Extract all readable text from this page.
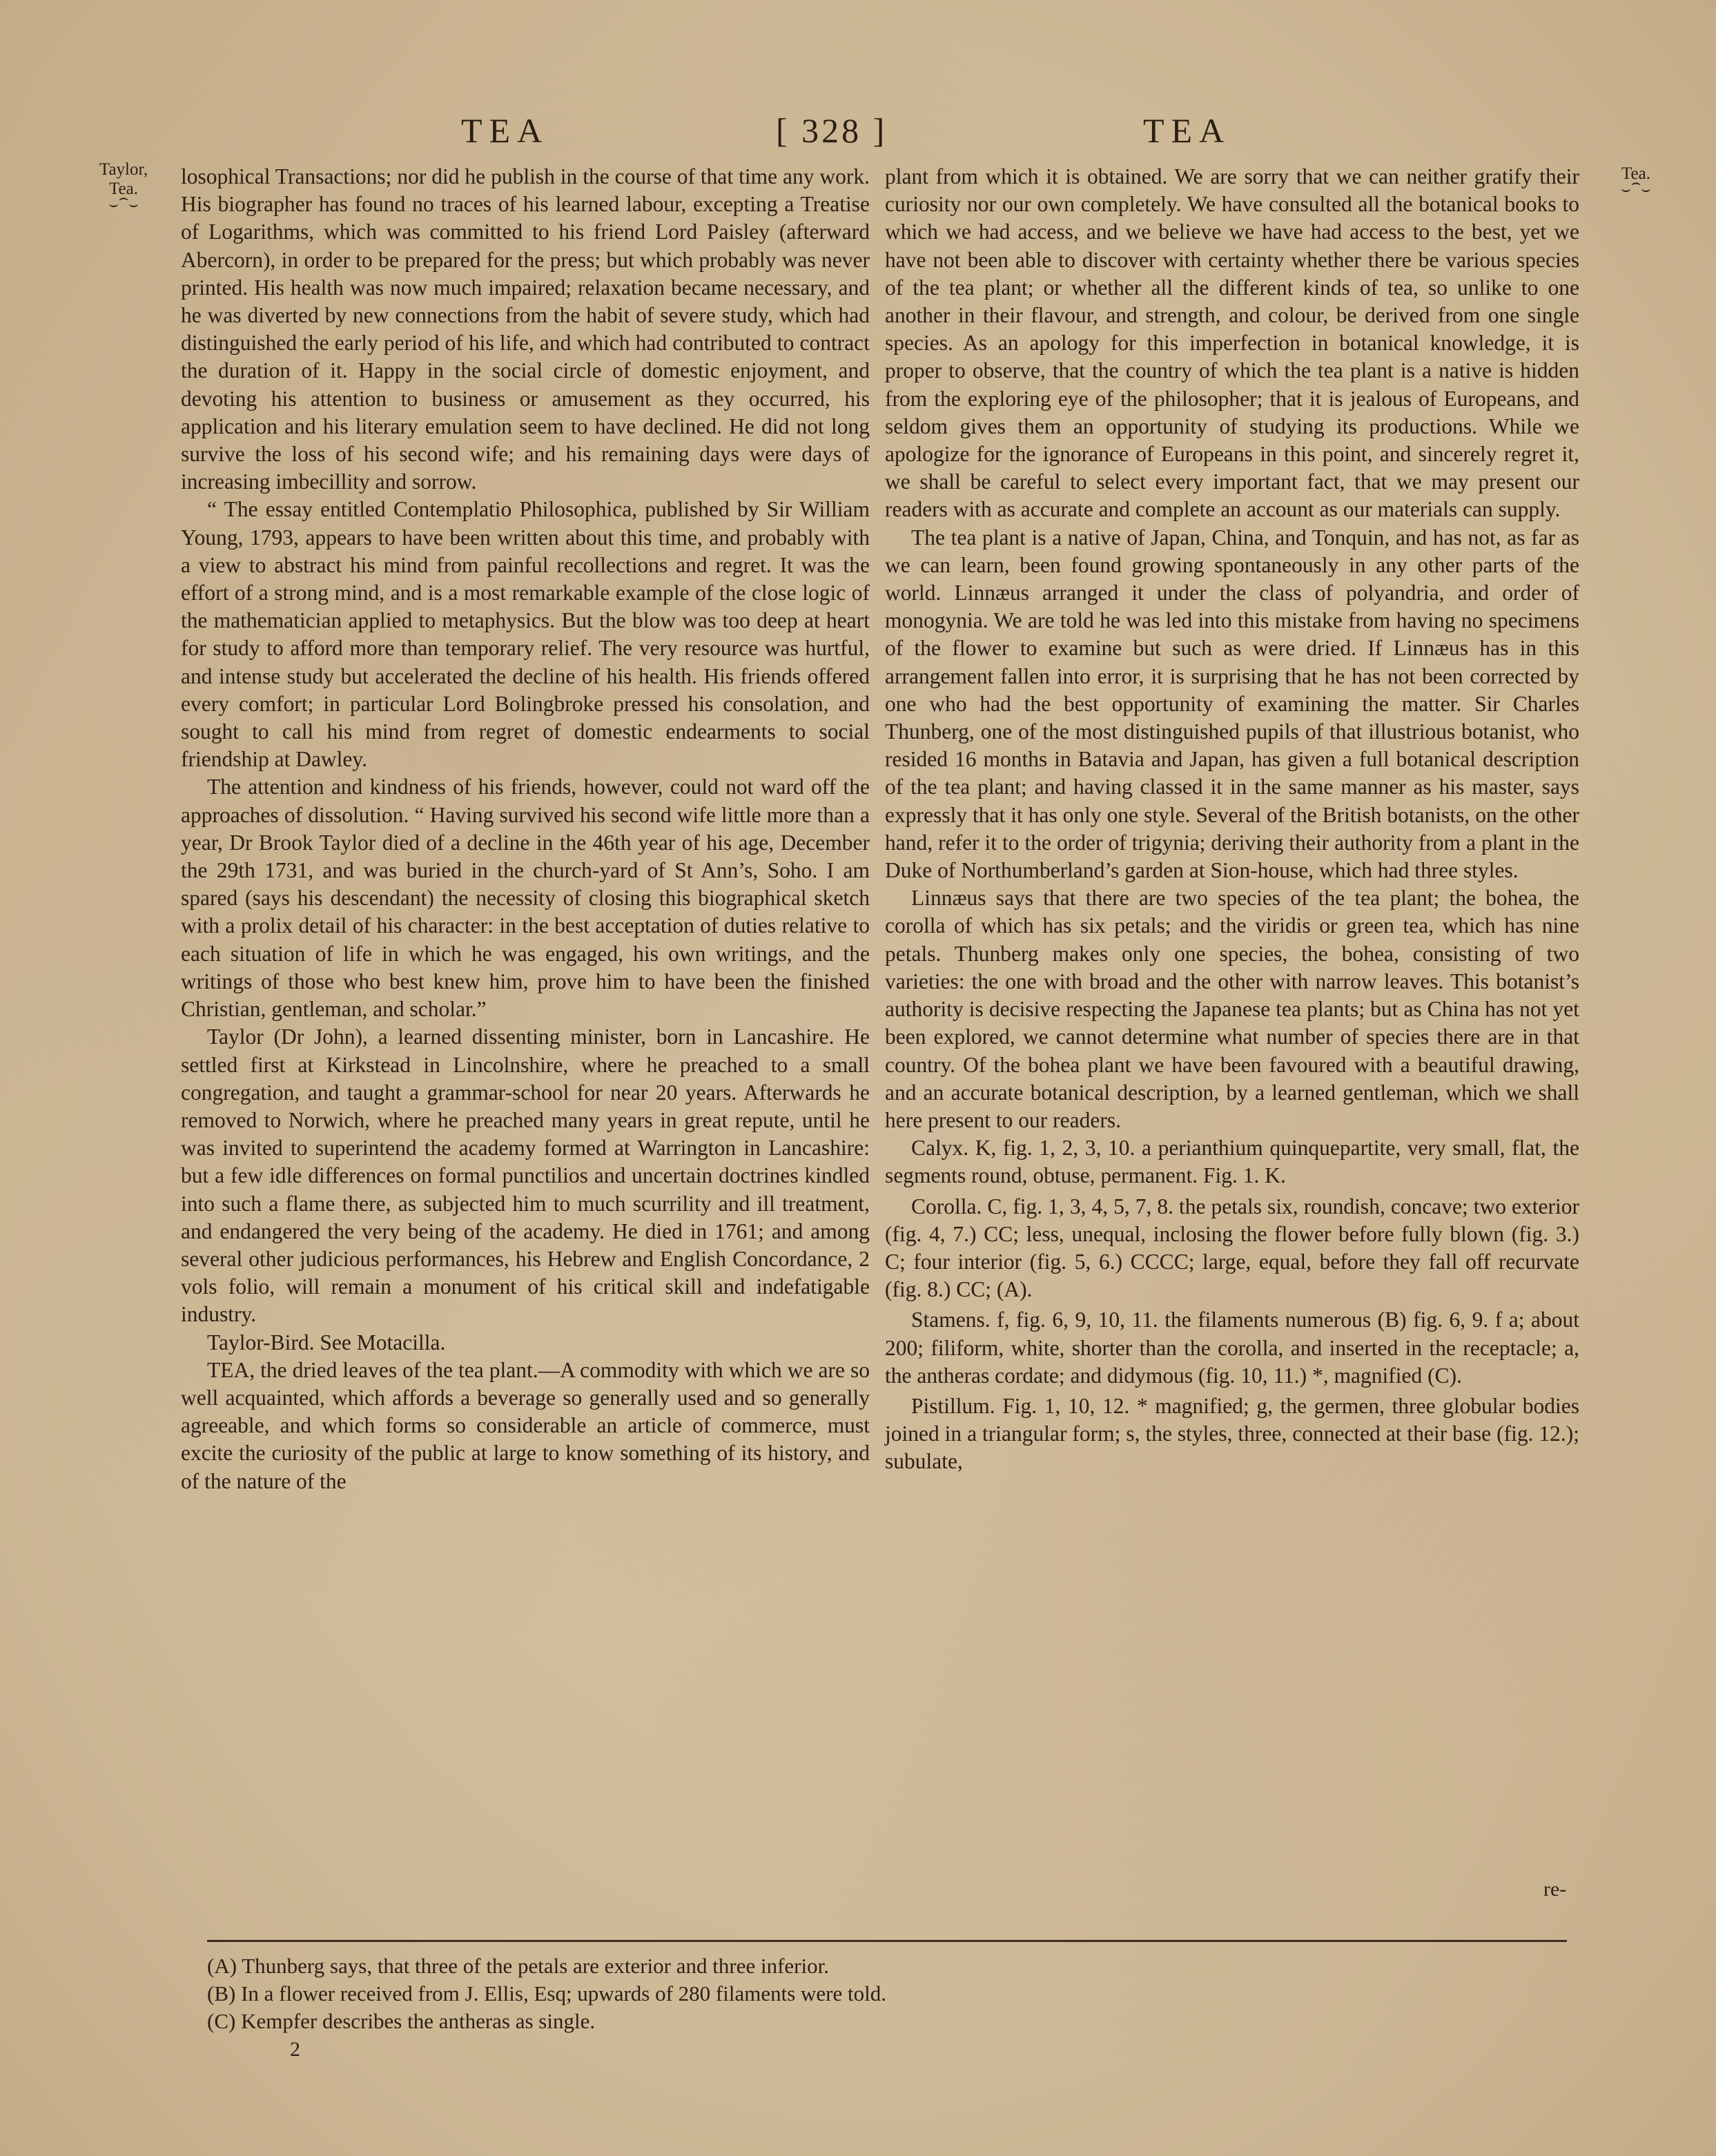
TEA	[ 328 ]	TEA
Taylor,
Tea.
⌣⁀⌣
Tea.
⌣⁀⌣

losophical Transactions; nor did he publish in the course of that time any work. His biographer has found no traces of his learned labour, excepting a Treatise of Logarithms, which was committed to his friend Lord Paisley (afterward Abercorn), in order to be prepared for the press; but which probably was never printed. His health was now much impaired; relaxation became necessary, and he was diverted by new connections from the habit of severe study, which had distinguished the early period of his life, and which had contributed to contract the duration of it. Happy in the social circle of domestic enjoyment, and devoting his attention to business or amusement as they occurred, his application and his literary emulation seem to have declined. He did not long survive the loss of his second wife; and his remaining days were days of increasing imbecillity and sorrow.

“ The essay entitled Contemplatio Philosophica, published by Sir William Young, 1793, appears to have been written about this time, and probably with a view to abstract his mind from painful recollections and regret. It was the effort of a strong mind, and is a most remarkable example of the close logic of the mathematician applied to metaphysics. But the blow was too deep at heart for study to afford more than temporary relief. The very resource was hurtful, and intense study but accelerated the decline of his health. His friends offered every comfort; in particular Lord Bolingbroke pressed his consolation, and sought to call his mind from regret of domestic endearments to social friendship at Dawley.

The attention and kindness of his friends, however, could not ward off the approaches of dissolution. “ Having survived his second wife little more than a year, Dr Brook Taylor died of a decline in the 46th year of his age, December the 29th 1731, and was buried in the church-yard of St Ann’s, Soho. I am spared (says his descendant) the necessity of closing this biographical sketch with a prolix detail of his character: in the best acceptation of duties relative to each situation of life in which he was engaged, his own writings, and the writings of those who best knew him, prove him to have been the finished Christian, gentleman, and scholar.”

Taylor (Dr John), a learned dissenting minister, born in Lancashire. He settled first at Kirkstead in Lincolnshire, where he preached to a small congregation, and taught a grammar-school for near 20 years. Afterwards he removed to Norwich, where he preached many years in great repute, until he was invited to superintend the academy formed at Warrington in Lancashire: but a few idle differences on formal punctilios and uncertain doctrines kindled into such a flame there, as subjected him to much scurrility and ill treatment, and endangered the very being of the academy. He died in 1761; and among several other judicious performances, his Hebrew and English Concordance, 2 vols folio, will remain a monument of his critical skill and indefatigable industry.

Taylor-Bird. See Motacilla.

TEA, the dried leaves of the tea plant.—A commodity with which we are so well acquainted, which affords a beverage so generally used and so generally agreeable, and which forms so considerable an article of commerce, must excite the curiosity of the public at large to know something of its history, and of the nature of the

plant from which it is obtained. We are sorry that we can neither gratify their curiosity nor our own completely. We have consulted all the botanical books to which we had access, and we believe we have had access to the best, yet we have not been able to discover with certainty whether there be various species of the tea plant; or whether all the different kinds of tea, so unlike to one another in their flavour, and strength, and colour, be derived from one single species. As an apology for this imperfection in botanical knowledge, it is proper to observe, that the country of which the tea plant is a native is hidden from the exploring eye of the philosopher; that it is jealous of Europeans, and seldom gives them an opportunity of studying its productions. While we apologize for the ignorance of Europeans in this point, and sincerely regret it, we shall be careful to select every important fact, that we may present our readers with as accurate and complete an account as our materials can supply.

The tea plant is a native of Japan, China, and Tonquin, and has not, as far as we can learn, been found growing spontaneously in any other parts of the world. Linnæus arranged it under the class of polyandria, and order of monogynia. We are told he was led into this mistake from having no specimens of the flower to examine but such as were dried. If Linnæus has in this arrangement fallen into error, it is surprising that he has not been corrected by one who had the best opportunity of examining the matter. Sir Charles Thunberg, one of the most distinguished pupils of that illustrious botanist, who resided 16 months in Batavia and Japan, has given a full botanical description of the tea plant; and having classed it in the same manner as his master, says expressly that it has only one style. Several of the British botanists, on the other hand, refer it to the order of trigynia; deriving their authority from a plant in the Duke of Northumberland’s garden at Sion-house, which had three styles.

Linnæus says that there are two species of the tea plant; the bohea, the corolla of which has six petals; and the viridis or green tea, which has nine petals. Thunberg makes only one species, the bohea, consisting of two varieties: the one with broad and the other with narrow leaves. This botanist’s authority is decisive respecting the Japanese tea plants; but as China has not yet been explored, we cannot determine what number of species there are in that country. Of the bohea plant we have been favoured with a beautiful drawing, and an accurate botanical description, by a learned gentleman, which we shall here present to our readers.

Calyx. K, fig. 1, 2, 3, 10. a perianthium quinquepartite, very small, flat, the segments round, obtuse, permanent. Fig. 1. K.

Corolla. C, fig. 1, 3, 4, 5, 7, 8. the petals six, roundish, concave; two exterior (fig. 4, 7.) CC; less, unequal, inclosing the flower before fully blown (fig. 3.) C; four interior (fig. 5, 6.) CCCC; large, equal, before they fall off recurvate (fig. 8.) CC; (A).

Stamens. f, fig. 6, 9, 10, 11. the filaments numerous (B) fig. 6, 9. f a; about 200; filiform, white, shorter than the corolla, and inserted in the receptacle; a, the antheras cordate; and didymous (fig. 10, 11.) *, magnified (C).

Pistillum. Fig. 1, 10, 12. * magnified; g, the germen, three globular bodies joined in a triangular form; s, the styles, three, connected at their base (fig. 12.); subulate,

re-

(A) Thunberg says, that three of the petals are exterior and three inferior.

(B) In a flower received from J. Ellis, Esq; upwards of 280 filaments were told.

(C) Kempfer describes the antheras as single.

2
